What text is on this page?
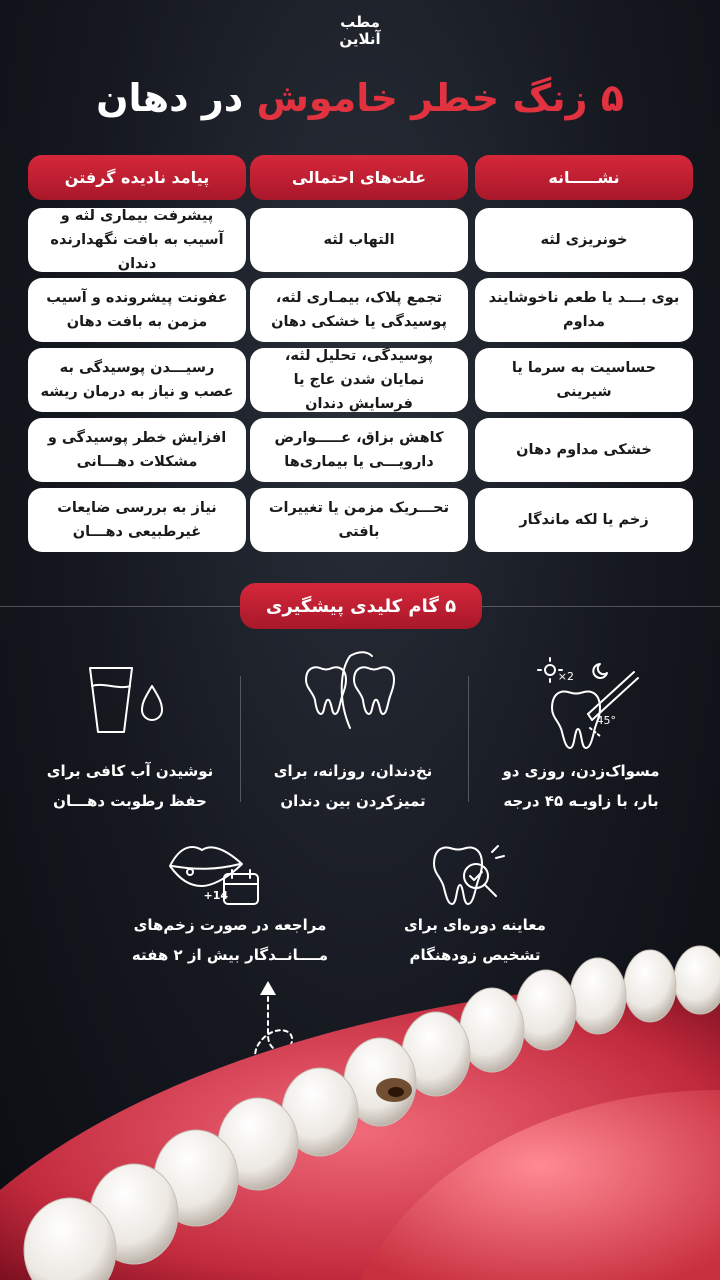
مطب
آنلاین
۵ زنگ خطر خاموش در دهان
نشـــــانه
علت‌های احتمالی
پیامد نادیده گرفتن
خونریزی لثه
التهاب لثه
پیشرفت بیماری لثه و آسیب به بافت نگهدارنده دندان
بوی بـــد یا طعم ناخوشایند مداوم
تجمع پلاک، بیمـاری لثه، پوسیدگی یا خشکی دهان
عفونت پیشرونده و آسیب مزمن به بافت دهان
حساسیت به سرما یا شیرینی
پوسیدگی، تحلیل لثه، نمایان شدن عاج یا فرسایش دندان
رسیـــدن پوسیدگی به عصب و نیاز به درمان ریشه
خشکی مداوم دهان
کاهش بزاق، عـــــوارض دارویـــی یا بیماری‌ها
افزایش خطر پوسیدگی و مشکلات دهـــانی
زخم یا لکه ماندگار
تحـــریک مزمن یا تغییرات بافتی
نیاز به بررسی ضایعات غیرطبیعی دهـــان
۵ گام کلیدی پیشگیری
2×
45°
مسواک‌زدن، روزی دو
بار، با زاویـه ۴۵ درجه
نخ‌دندان، روزانه، برای
تمیزکردن بین دندان
نوشیدن آب کافی برای
حفظ رطوبت دهـــان
معاینه دوره‌ای برای
تشخیص زودهنگام
14+
مراجعه در صورت زخم‌های
مــــانــدگار بیش از ۲ هفته
